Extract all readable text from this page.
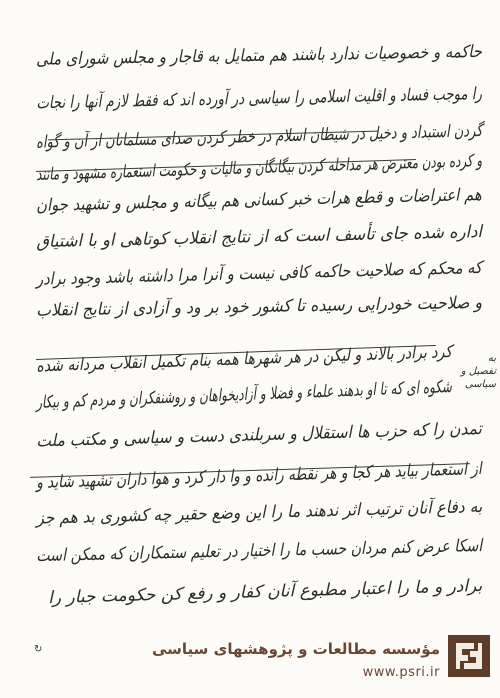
حاکمه و خصوصیات ندارد باشند هم متمایل به قاجار و مجلس شورای ملی
را موجب فساد و اقلیت اسلامی را سیاسی در آورده اند که فقط لازم آنها را نجات
گردن استبداد و دخیل در شیطان اسلام در خطر کردن صدای مسلمانان از آن و گواه
و کرده بودن معترض هر مداخله کردن بیگانگان و مالیات و حکومت استعماره مشهود و مانند
هم اعتراضات و قطع هرات خبر کسانی هم بیگانه و مجلس و تشهید جوان
اداره شده جای تأسف است که از نتایج انقلاب کوتاهی او با اشتیاق
که محکم که صلاحیت حاکمه کافی نیست و آنرا مرا داشته باشد وجود برادر
و صلاحیت خودرایی رسیده تا کشور خود بر ود و آزادی از نتایج انقلاب
کرد برادر بالاند و لیکن در هر شهرها همه بنام تکمیل انقلاب مردانه شده
شکوه ای که تا او بدهند علماء و فضلا و آزادیخواهان و روشنفکران و مردم کم و بیکار
تمدن را که حزب ها استقلال و سربلندی دست و سیاسی و مکتب ملت
از استعمار بیاید هر کجا و هر نقطه رانده و وا دار کرد و هوا داران تشهید شاید و
به دفاع آنان ترتیب اثر ندهند ما را این وضع حقیر چه کشوری بد هم جز
اسکا عرض کنم مردان حسب ما را اختیار در تعلیم ستمکاران که ممکن است
برادر و ما را اعتبار مطبوع آنان کفار و رفع کن حکومت جبار را
به تفصیل و سیاسی
↻	مؤسسه مطالعات و پژوهشهای سیاسی
www.psri.ir
